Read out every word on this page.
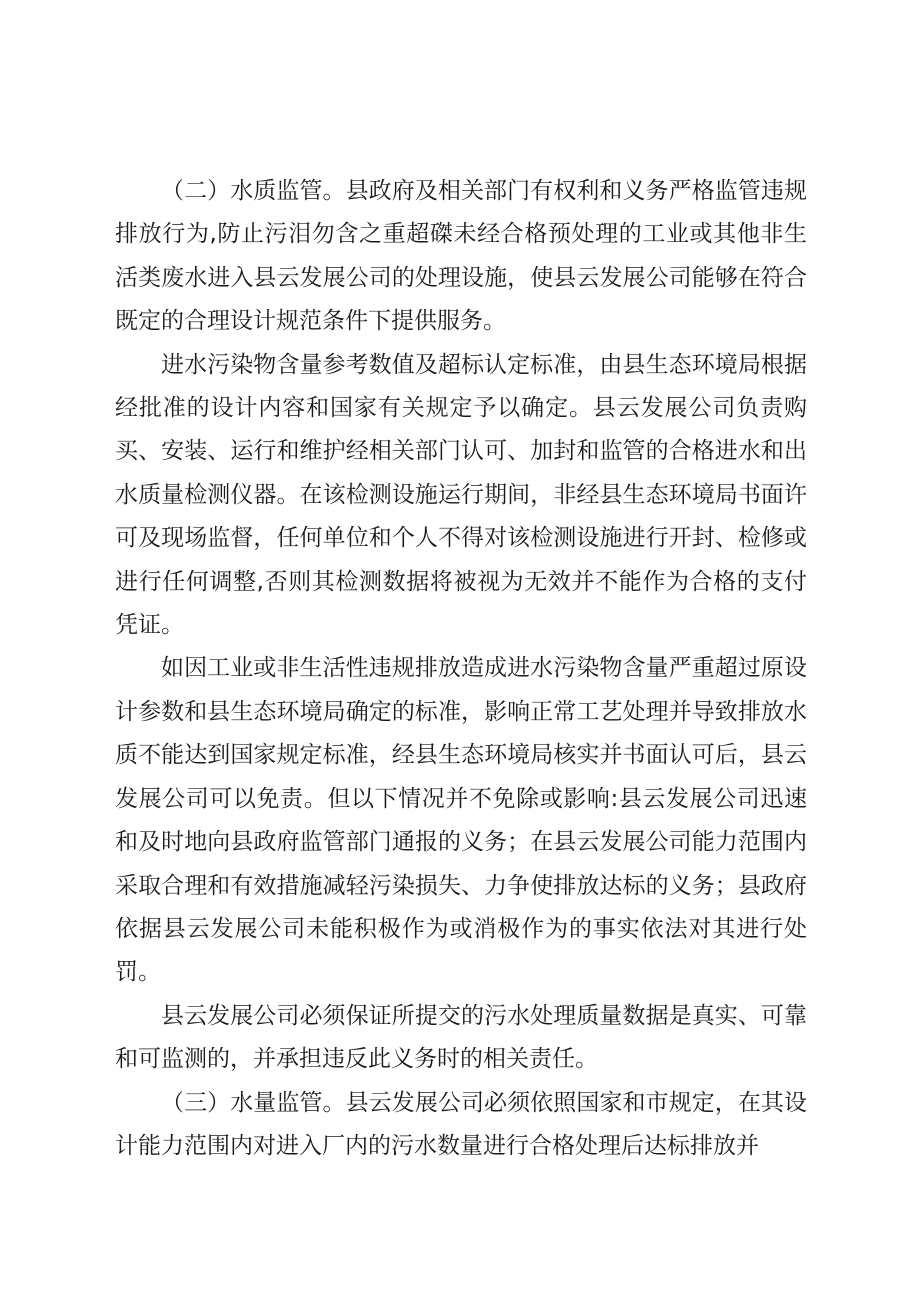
（二）水质监管。县政府及相关部门有权利和义务严格监管违规排放行为,防止污泪勿含之重超磔未经合格预处理的工业或其他非生活类废水进入县云发展公司的处理设施，使县云发展公司能够在符合既定的合理设计规范条件下提供服务。

进水污染物含量参考数值及超标认定标准，由县生态环境局根据经批准的设计内容和国家有关规定予以确定。县云发展公司负责购买、安装、运行和维护经相关部门认可、加封和监管的合格进水和出水质量检测仪器。在该检测设施运行期间，非经县生态环境局书面许可及现场监督，任何单位和个人不得对该检测设施进行开封、检修或进行任何调整,否则其检测数据将被视为无效并不能作为合格的支付凭证。

如因工业或非生活性违规排放造成进水污染物含量严重超过原设计参数和县生态环境局确定的标准，影响正常工艺处理并导致排放水质不能达到国家规定标准，经县生态环境局核实并书面认可后，县云发展公司可以免责。但以下情况并不免除或影响:县云发展公司迅速和及时地向县政府监管部门通报的义务；在县云发展公司能力范围内采取合理和有效措施减轻污染损失、力争使排放达标的义务；县政府依据县云发展公司未能积极作为或消极作为的事实依法对其进行处罚。

县云发展公司必须保证所提交的污水处理质量数据是真实、可靠和可监测的，并承担违反此义务时的相关责任。

（三）水量监管。县云发展公司必须依照国家和市规定，在其设计能力范围内对进入厂内的污水数量进行合格处理后达标排放并
